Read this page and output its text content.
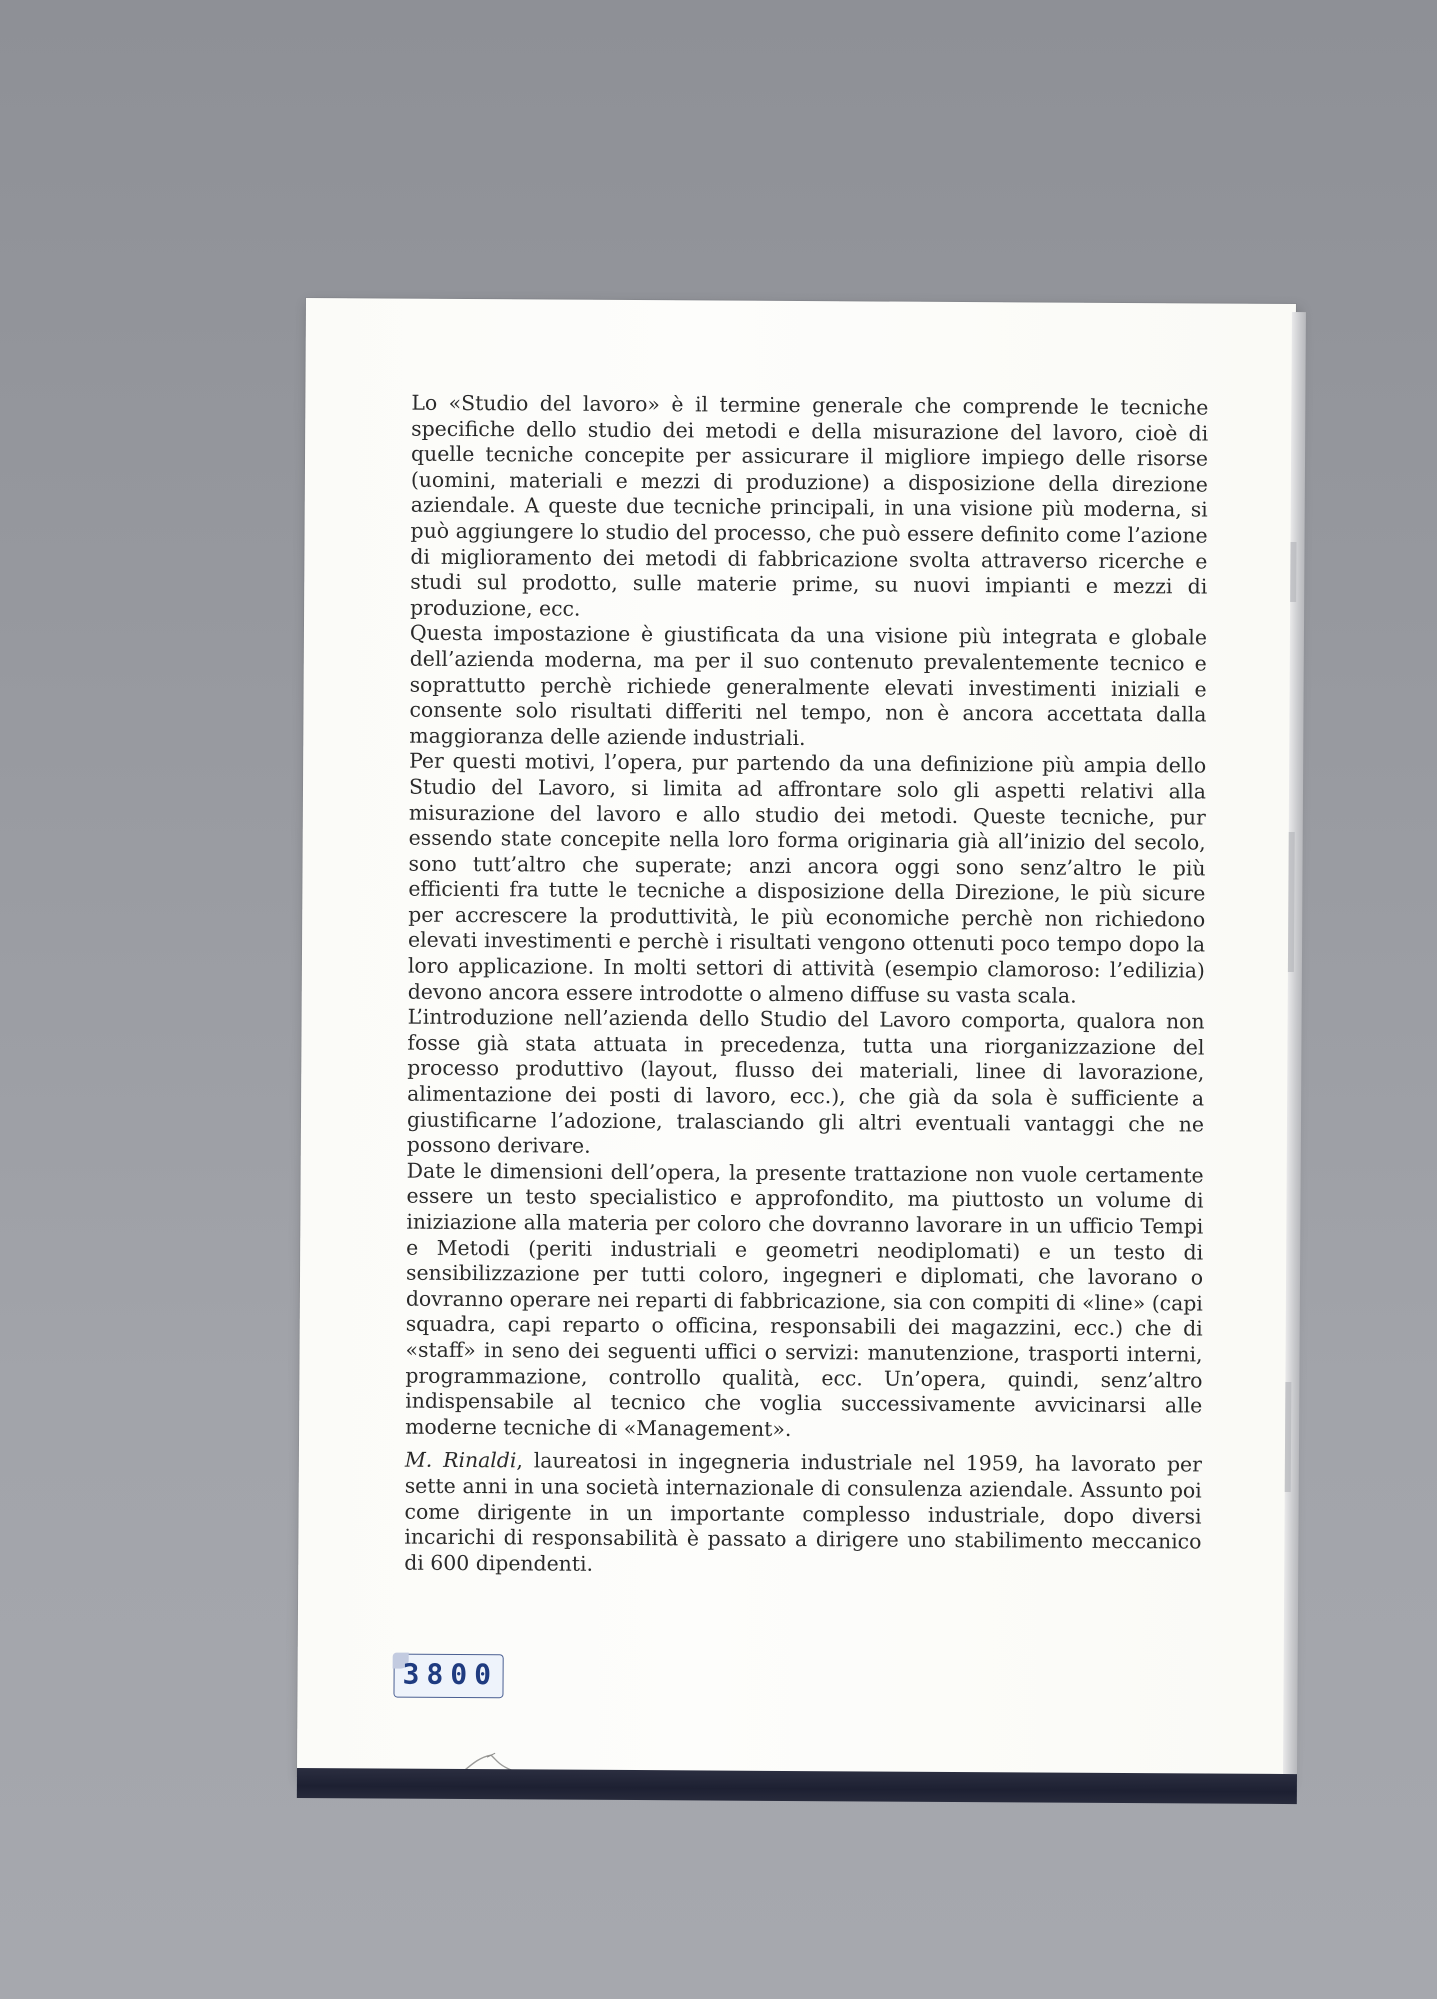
Lo «Studio del lavoro» è il termine generale che comprende le tecniche specifiche dello studio dei metodi e della misurazione del lavoro, cioè di quelle tecniche concepite per assicurare il migliore impiego delle risorse (uomini, materiali e mezzi di produzione) a disposizione della direzione aziendale. A queste due tecniche principali, in una visione più moderna, si può aggiungere lo studio del processo, che può essere definito come l’azione di miglioramento dei metodi di fabbricazione svolta attraverso ricerche e studi sul prodotto, sulle materie prime, su nuovi impianti e mezzi di produzione, ecc.

Questa impostazione è giustificata da una visione più integrata e globale dell’azienda moderna, ma per il suo contenuto prevalentemente tecnico e soprattutto perchè richiede generalmente elevati investimenti iniziali e consente solo risultati differiti nel tempo, non è ancora accettata dalla maggioranza delle aziende industriali.

Per questi motivi, l’opera, pur partendo da una definizione più ampia dello Studio del Lavoro, si limita ad affrontare solo gli aspetti relativi alla misurazione del lavoro e allo studio dei metodi. Queste tecniche, pur essendo state concepite nella loro forma originaria già all’inizio del secolo, sono tutt’altro che superate; anzi ancora oggi sono senz’altro le più efficienti fra tutte le tecniche a disposizione della Direzione, le più sicure per accrescere la produttività, le più economiche perchè non richiedono elevati investimenti e perchè i risultati vengono ottenuti poco tempo dopo la loro applicazione. In molti settori di attività (esempio clamoroso: l’edilizia) devono ancora essere introdotte o almeno diffuse su vasta scala.

L’introduzione nell’azienda dello Studio del Lavoro comporta, qualora non fosse già stata attuata in precedenza, tutta una riorganizzazione del processo produttivo (layout, flusso dei materiali, linee di lavorazione, alimentazione dei posti di lavoro, ecc.), che già da sola è sufficiente a giustificarne l’adozione, tralasciando gli altri eventuali vantaggi che ne possono derivare.

Date le dimensioni dell’opera, la presente trattazione non vuole certamente essere un testo specialistico e approfondito, ma piuttosto un volume di iniziazione alla materia per coloro che dovranno lavorare in un ufficio Tempi e Metodi (periti industriali e geometri neodiplomati) e un testo di sensibilizzazione per tutti coloro, ingegneri e diplomati, che lavorano o dovranno operare nei reparti di fabbricazione, sia con compiti di «line» (capi squadra, capi reparto o officina, responsabili dei magazzini, ecc.) che di «staff» in seno dei seguenti uffici o servizi: manutenzione, trasporti interni, programmazione, controllo qualità, ecc. Un’opera, quindi, senz’altro indispensabile al tecnico che voglia successivamente avvicinarsi alle moderne tecniche di «Management».

M. Rinaldi, laureatosi in ingegneria industriale nel 1959, ha lavorato per sette anni in una società internazionale di consulenza aziendale. Assunto poi come dirigente in un importante complesso industriale, dopo diversi incarichi di responsabilità è passato a dirigere uno stabilimento meccanico di 600 dipendenti.

3800
